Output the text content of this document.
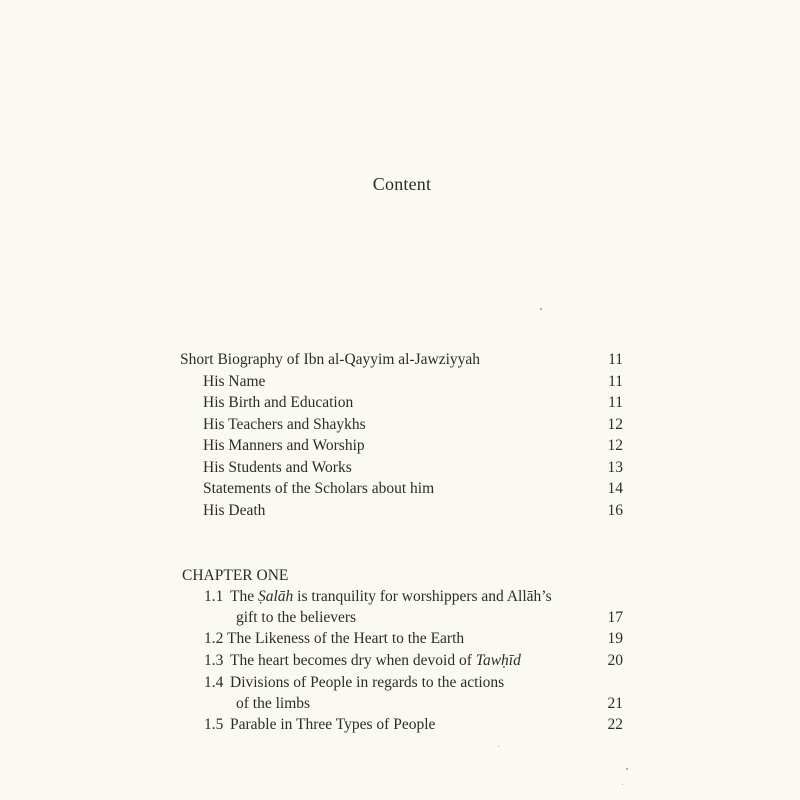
Content
Short Biography of Ibn al-Qayyim al-Jawziyyah	11
His Name	11
His Birth and Education	11
His Teachers and Shaykhs	12
His Manners and Worship	12
His Students and Works	13
Statements of the Scholars about him	14
His Death	16
CHAPTER ONE
1.1 The Ṣalāh is tranquility for worshippers and Allāh’s
gift to the believers	17
1.2 The Likeness of the Heart to the Earth	19
1.3 The heart becomes dry when devoid of Tawḥīd	20
1.4 Divisions of People in regards to the actions
of the limbs	21
1.5 Parable in Three Types of People	22
